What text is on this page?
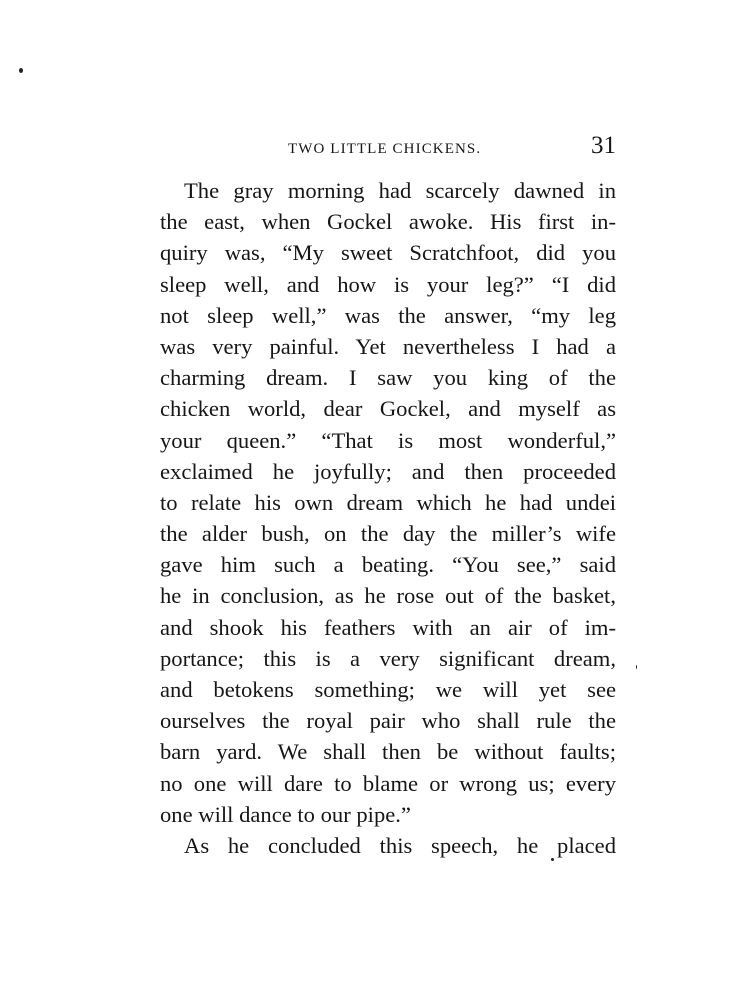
TWO LITTLE CHICKENS.	31
The gray morning had scarcely dawned in
the east, when Gockel awoke. His first in-
quiry was, “My sweet Scratchfoot, did you
sleep well, and how is your leg?” “I did
not sleep well,” was the answer, “my leg
was very painful. Yet nevertheless I had a
charming dream. I saw you king of the
chicken world, dear Gockel, and myself as
your queen.” “That is most wonderful,”
exclaimed he joyfully; and then proceeded
to relate his own dream which he had undei
the alder bush, on the day the miller’s wife
gave him such a beating. “You see,” said
he in conclusion, as he rose out of the basket,
and shook his feathers with an air of im-
portance; this is a very significant dream,
and betokens something; we will yet see
ourselves the royal pair who shall rule the
barn yard. We shall then be without faults;
no one will dare to blame or wrong us; every
one will dance to our pipe.”
As he concluded this speech, he placed
